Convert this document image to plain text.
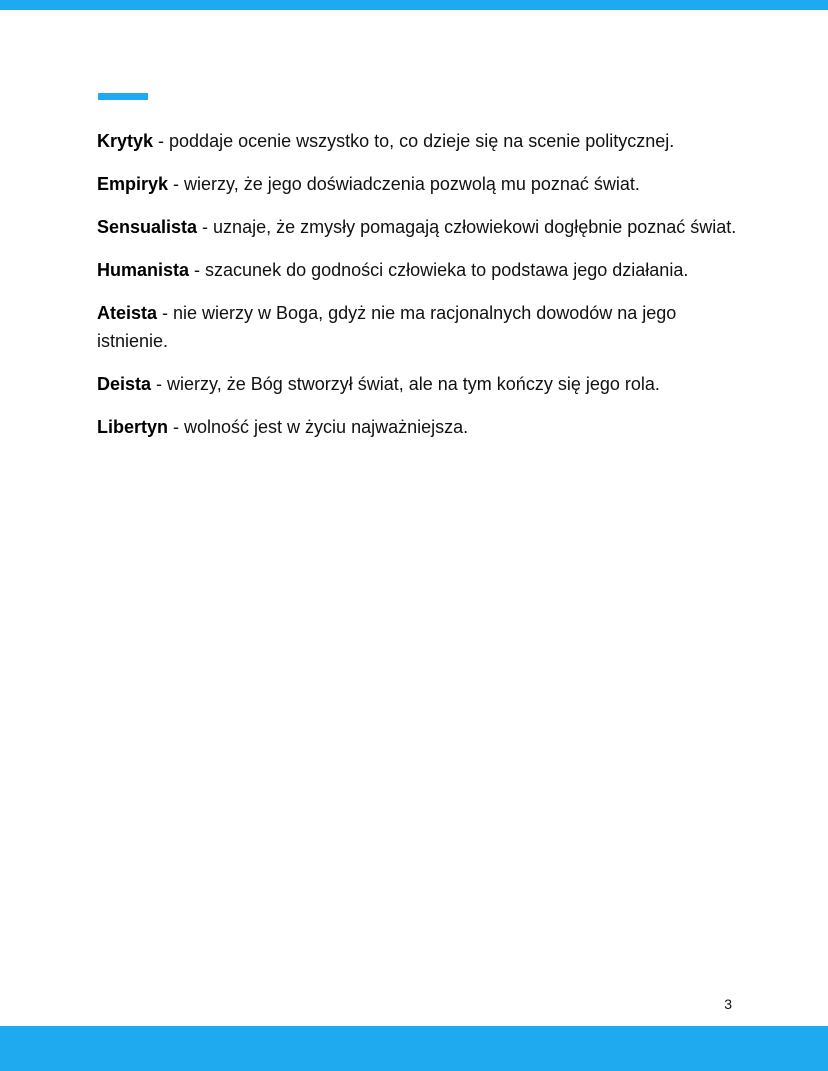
Krytyk - poddaje ocenie wszystko to, co dzieje się na scenie politycznej.

Empiryk - wierzy, że jego doświadczenia pozwolą mu poznać świat.

Sensualista - uznaje, że zmysły pomagają człowiekowi dogłębnie poznać świat.

Humanista - szacunek do godności człowieka to podstawa jego działania.

Ateista - nie wierzy w Boga, gdyż nie ma racjonalnych dowodów na jego istnienie.

Deista - wierzy, że Bóg stworzył świat, ale na tym kończy się jego rola.

Libertyn - wolność jest w życiu najważniejsza.

3
